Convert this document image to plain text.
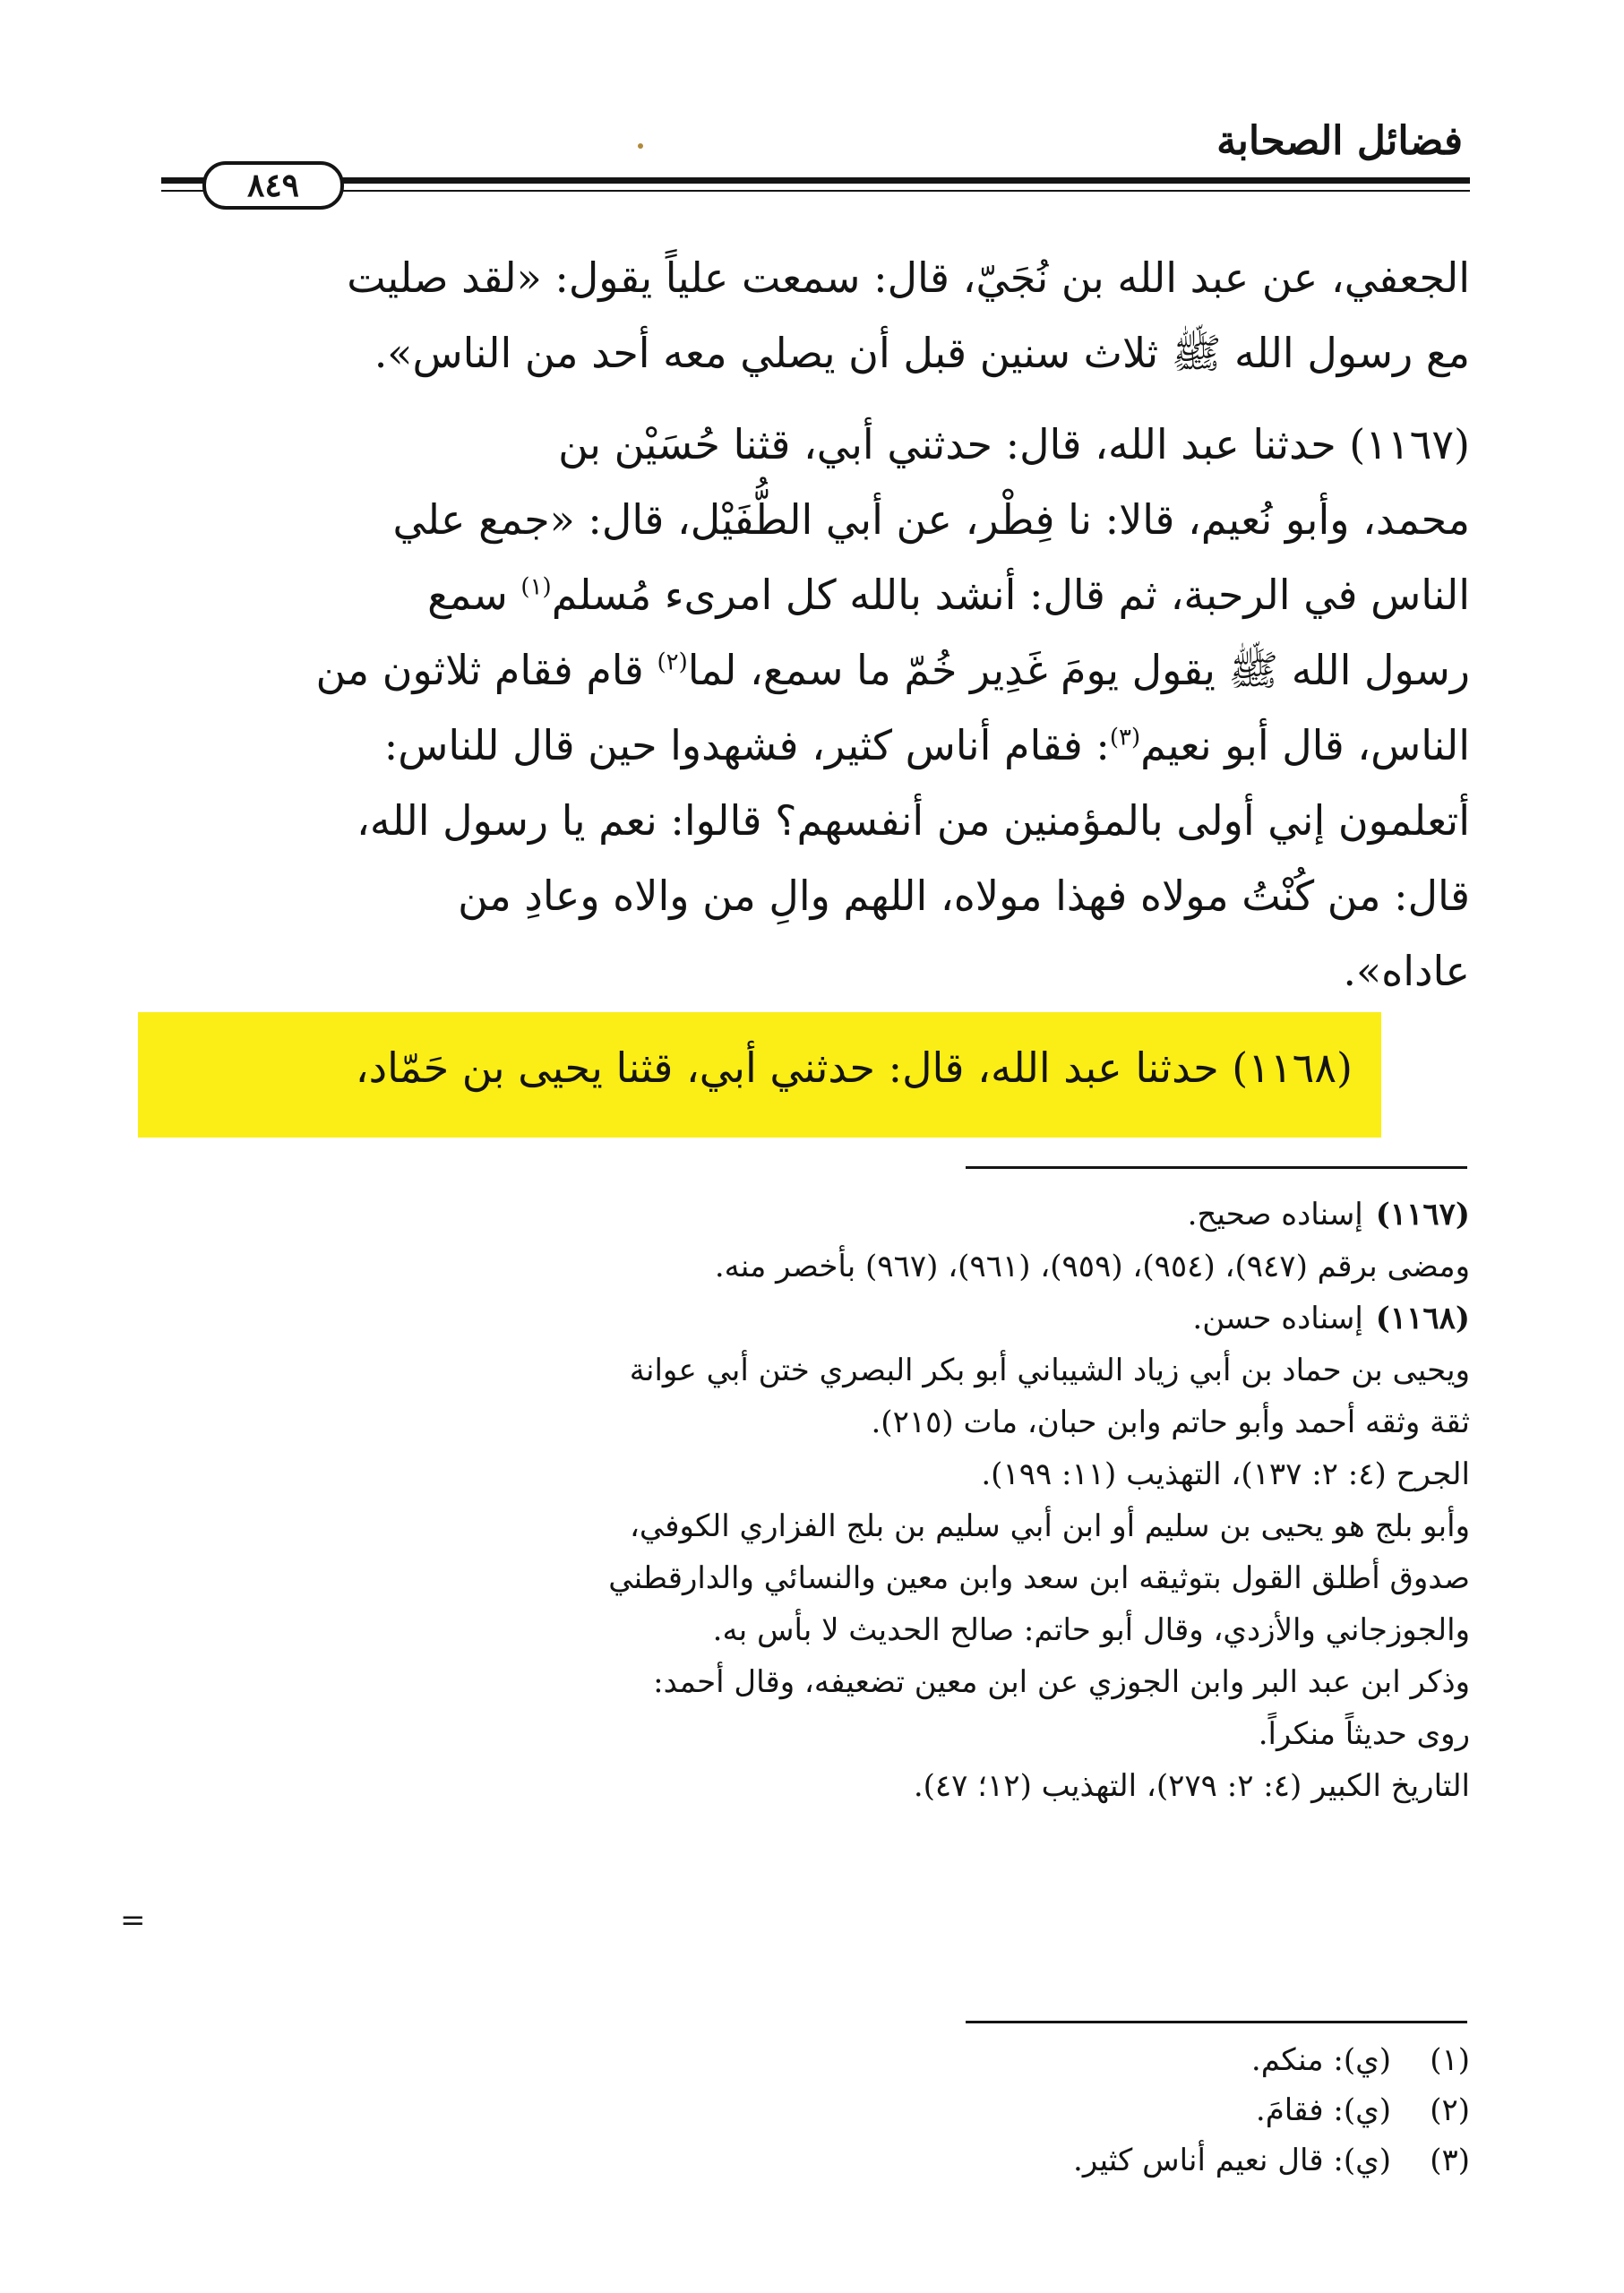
فضائل الصحابة
٨٤٩

الجعفي، عن عبد الله بن نُجَيّ، قال: سمعت علياً يقول: «لقد صليت

مع رسول الله ﷺ ثلاث سنين قبل أن يصلي معه أحد من الناس».

(١١٦٧) حدثنا عبد الله، قال: حدثني أبي، قثنا حُسَيْن بن

محمد، وأبو نُعيم، قالا: نا فِطْر، عن أبي الطُّفَيْل، قال: «جمع علي

الناس في الرحبة، ثم قال: أنشد بالله كل امرىء مُسلم$^{(١)}$ سمع

رسول الله ﷺ يقول يومَ غَدِير خُمّ ما سمع، لما$^{(٢)}$ قام فقام ثلاثون من

الناس، قال أبو نعيم$^{(٣)}$: فقام أناس كثير، فشهدوا حين قال للناس:

أتعلمون إني أولى بالمؤمنين من أنفسهم؟ قالوا: نعم يا رسول الله،

قال: من كُنْتُ مولاه فهذا مولاه، اللهم والِ من والاه وعادِ من

عاداه».

(١١٦٨) حدثنا عبد الله، قال: حدثني أبي، قثنا يحيى بن حَمّاد،
(١١٦٧)إسناده صحيح.
ومضى برقم (٩٤٧)، (٩٥٤)، (٩٥٩)، (٩٦١)، (٩٦٧) بأخصر منه.
(١١٦٨)إسناده حسن.
ويحيى بن حماد بن أبي زياد الشيباني أبو بكر البصري ختن أبي عوانة
ثقة وثقه أحمد وأبو حاتم وابن حبان، مات (٢١٥).
الجرح (٤: ٢: ١٣٧)، التهذيب (١١: ١٩٩).
وأبو بلج هو يحيى بن سليم أو ابن أبي سليم بن بلج الفزاري الكوفي،
صدوق أطلق القول بتوثيقه ابن سعد وابن معين والنسائي والدارقطني
والجوزجاني والأزدي، وقال أبو حاتم: صالح الحديث لا بأس به.
وذكر ابن عبد البر وابن الجوزي عن ابن معين تضعيفه، وقال أحمد:
روى حديثاً منكراً.
التاريخ الكبير (٤: ٢: ٢٧٩)، التهذيب (١٢؛ ٤٧).
=
(١)
(ي): منكم.
(٢)
(ي): فقامَ.
(٣)
(ي): قال نعيم أناس كثير.
